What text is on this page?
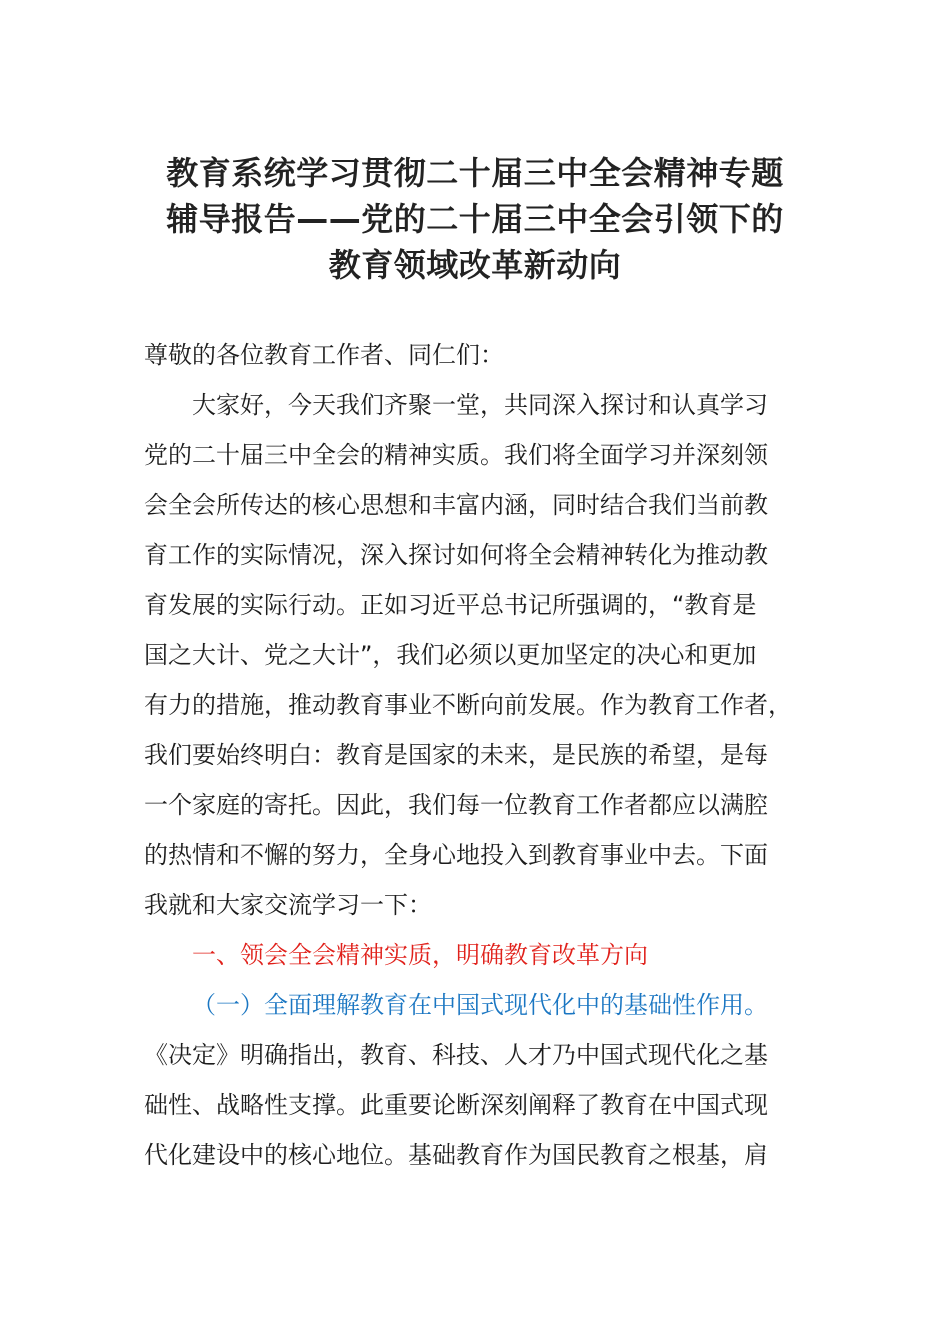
教育系统学习贯彻二十届三中全会精神专题
辅导报告——党的二十届三中全会引领下的
教育领域改革新动向
尊敬的各位教育工作者、同仁们：
大家好，今天我们齐聚一堂，共同深入探讨和认真学习
党的二十届三中全会的精神实质。我们将全面学习并深刻领
会全会所传达的核心思想和丰富内涵，同时结合我们当前教
育工作的实际情况，深入探讨如何将全会精神转化为推动教
育发展的实际行动。正如习近平总书记所强调的，“教育是
国之大计、党之大计”，我们必须以更加坚定的决心和更加
有力的措施，推动教育事业不断向前发展。作为教育工作者，
我们要始终明白：教育是国家的未来，是民族的希望，是每
一个家庭的寄托。因此，我们每一位教育工作者都应以满腔
的热情和不懈的努力，全身心地投入到教育事业中去。下面
我就和大家交流学习一下：
一、领会全会精神实质，明确教育改革方向
（一）全面理解教育在中国式现代化中的基础性作用。
《决定》明确指出，教育、科技、人才乃中国式现代化之基
础性、战略性支撑。此重要论断深刻阐释了教育在中国式现
代化建设中的核心地位。基础教育作为国民教育之根基，肩
